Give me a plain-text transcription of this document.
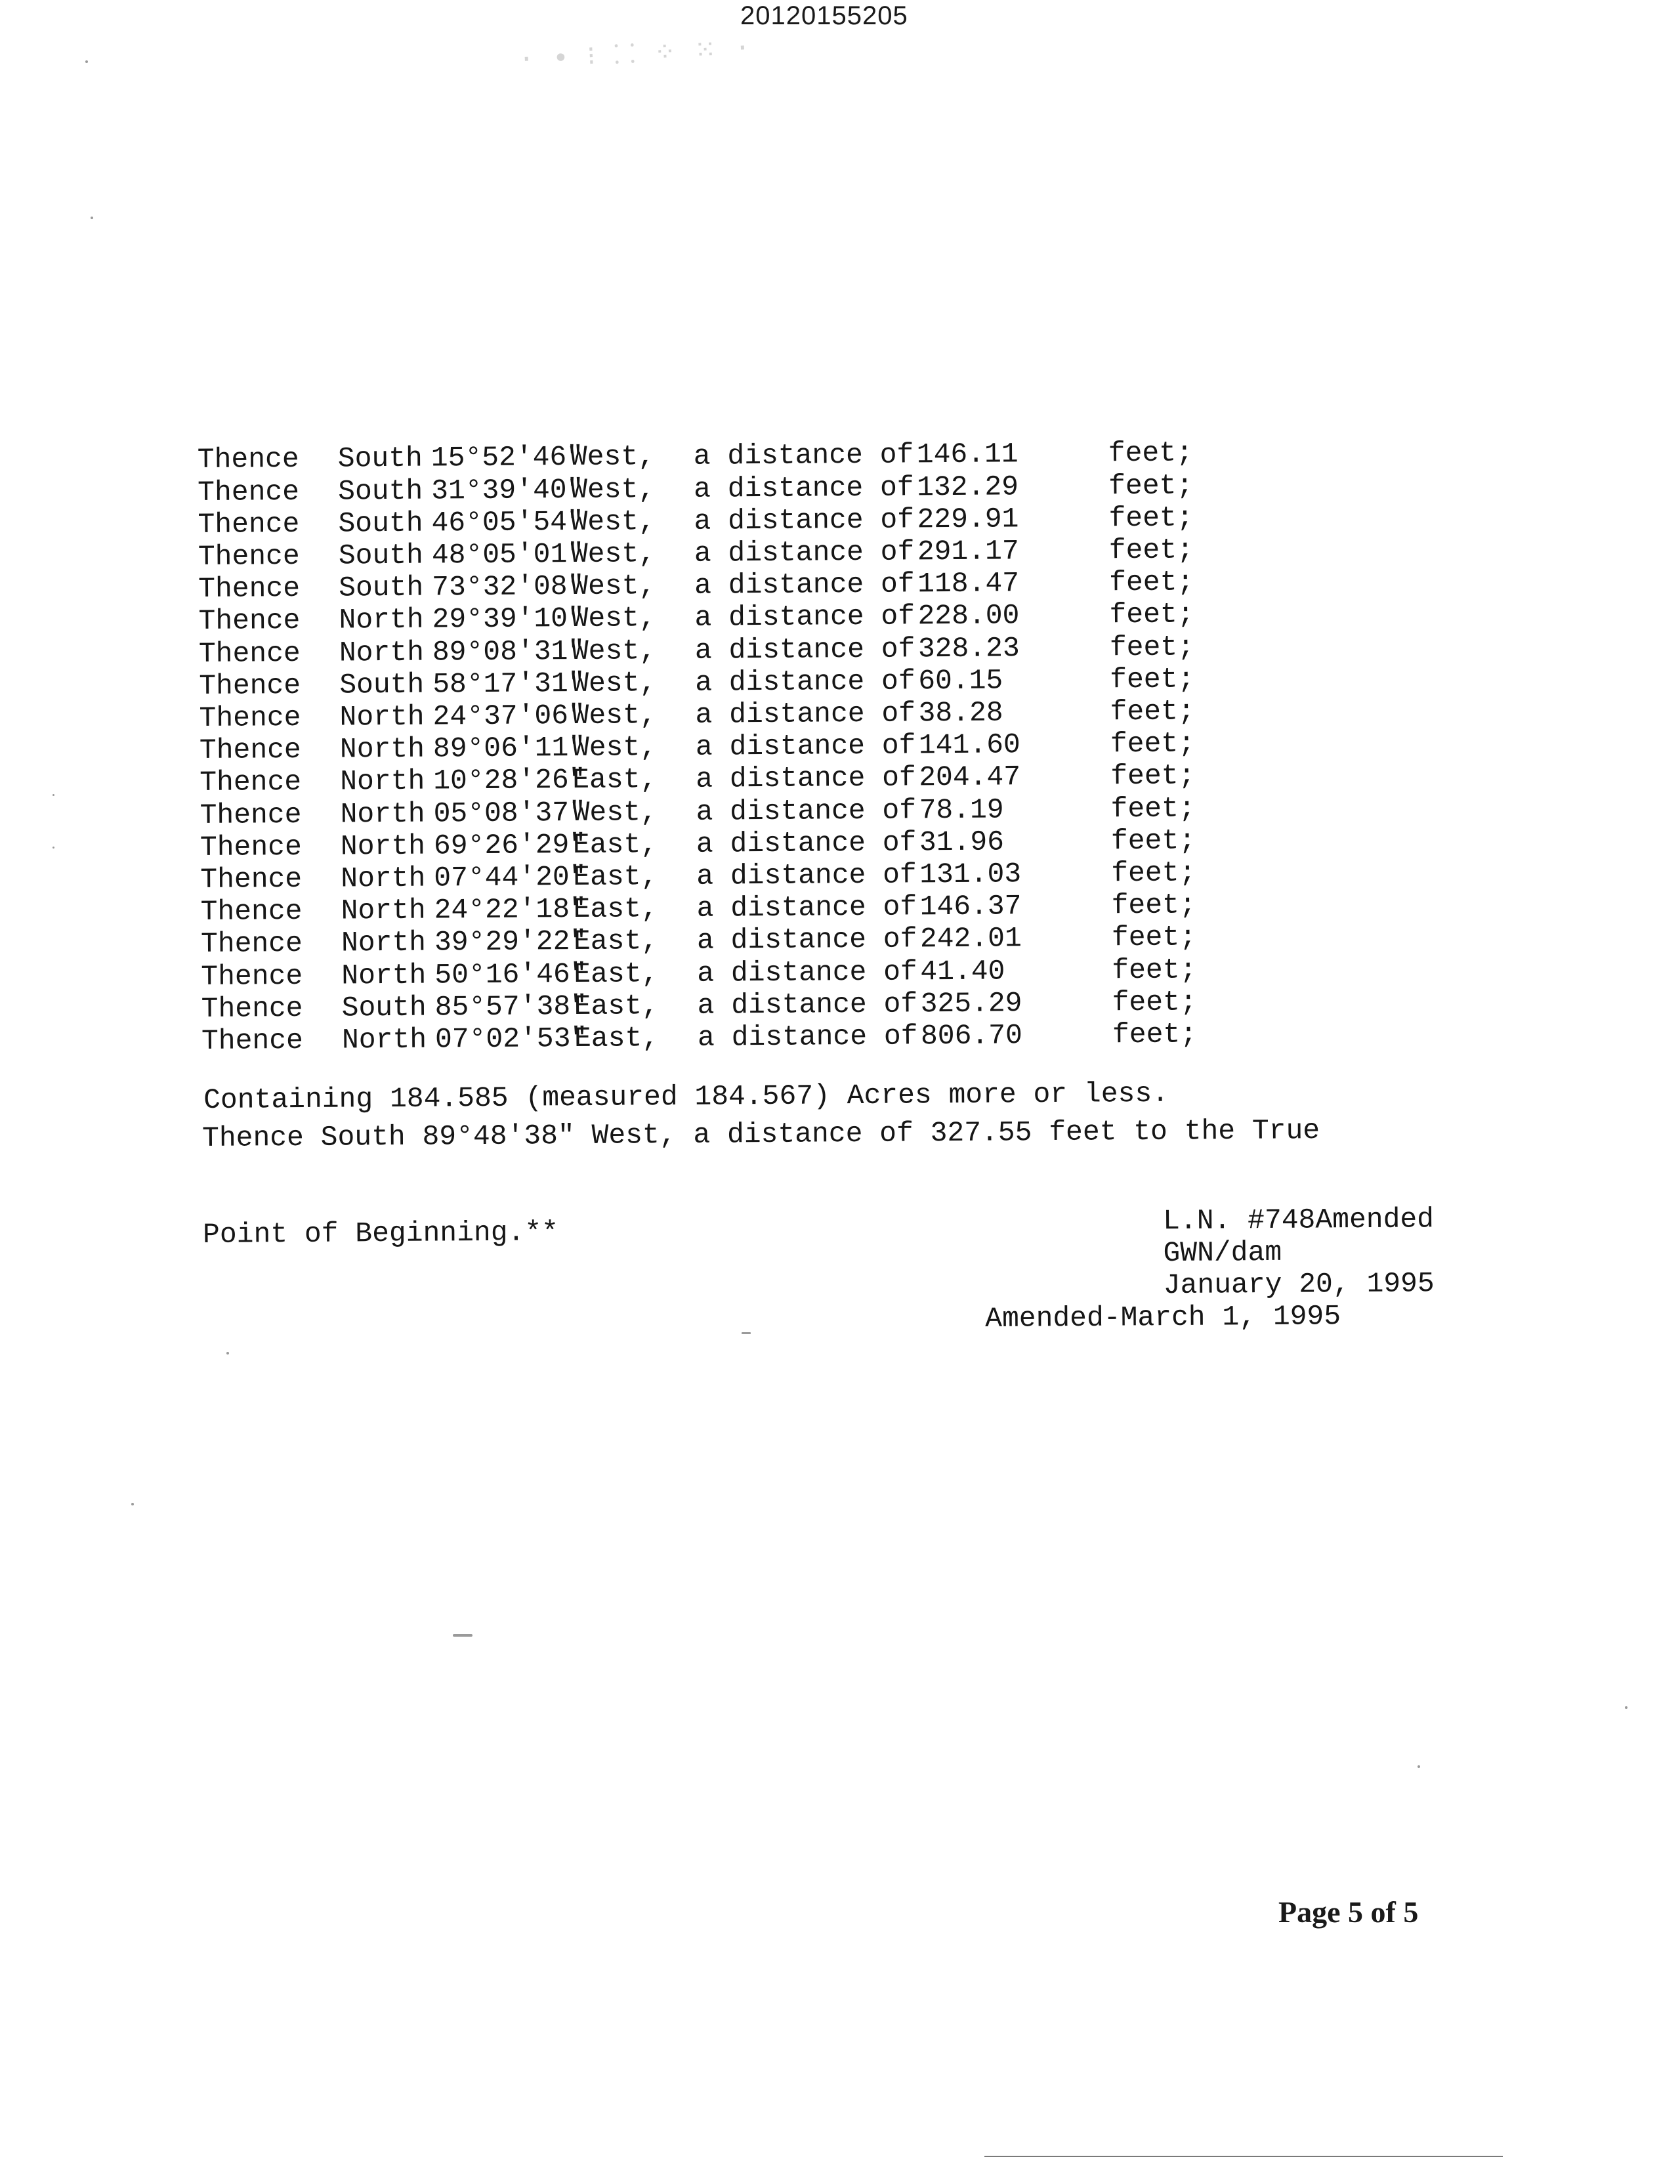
20120155205
· ∙ ⁝ ⸬ ⁘ ⁙ ·

Thence South 15°52'46"West, a distance of146.11	feet;
Thence South 31°39'40"West, a distance of132.29	feet;
Thence South 46°05'54"West, a distance of229.91	feet;
Thence South 48°05'01"West, a distance of291.17	feet;
Thence South 73°32'08"West, a distance of118.47	feet;
Thence North 29°39'10"West, a distance of228.00	feet;
Thence North 89°08'31"West, a distance of328.23	feet;
Thence South 58°17'31"West, a distance of60.15	feet;
Thence North 24°37'06"West, a distance of38.28	feet;
Thence North 89°06'11"West, a distance of141.60	feet;
Thence North 10°28'26"East, a distance of204.47	feet;
Thence North 05°08'37"West, a distance of78.19	feet;
Thence North 69°26'29"East, a distance of31.96	feet;
Thence North 07°44'20"East, a distance of131.03	feet;
Thence North 24°22'18"East, a distance of146.37	feet;
Thence North 39°29'22"East, a distance of242.01	feet;
Thence North 50°16'46"East, a distance of41.40	feet;
Thence South 85°57'38"East, a distance of325.29	feet;
Thence North 07°02'53"East, a distance of806.70	feet;

Thence South 89°48'38" West, a distance of 327.55 feet to the True

Point of Beginning.**

Containing 184.585 (measured 184.567) Acres more or less.
L.N. #748Amended
GWN/dam
January 20, 1995
Amended-March 1, 1995
Page 5 of 5
